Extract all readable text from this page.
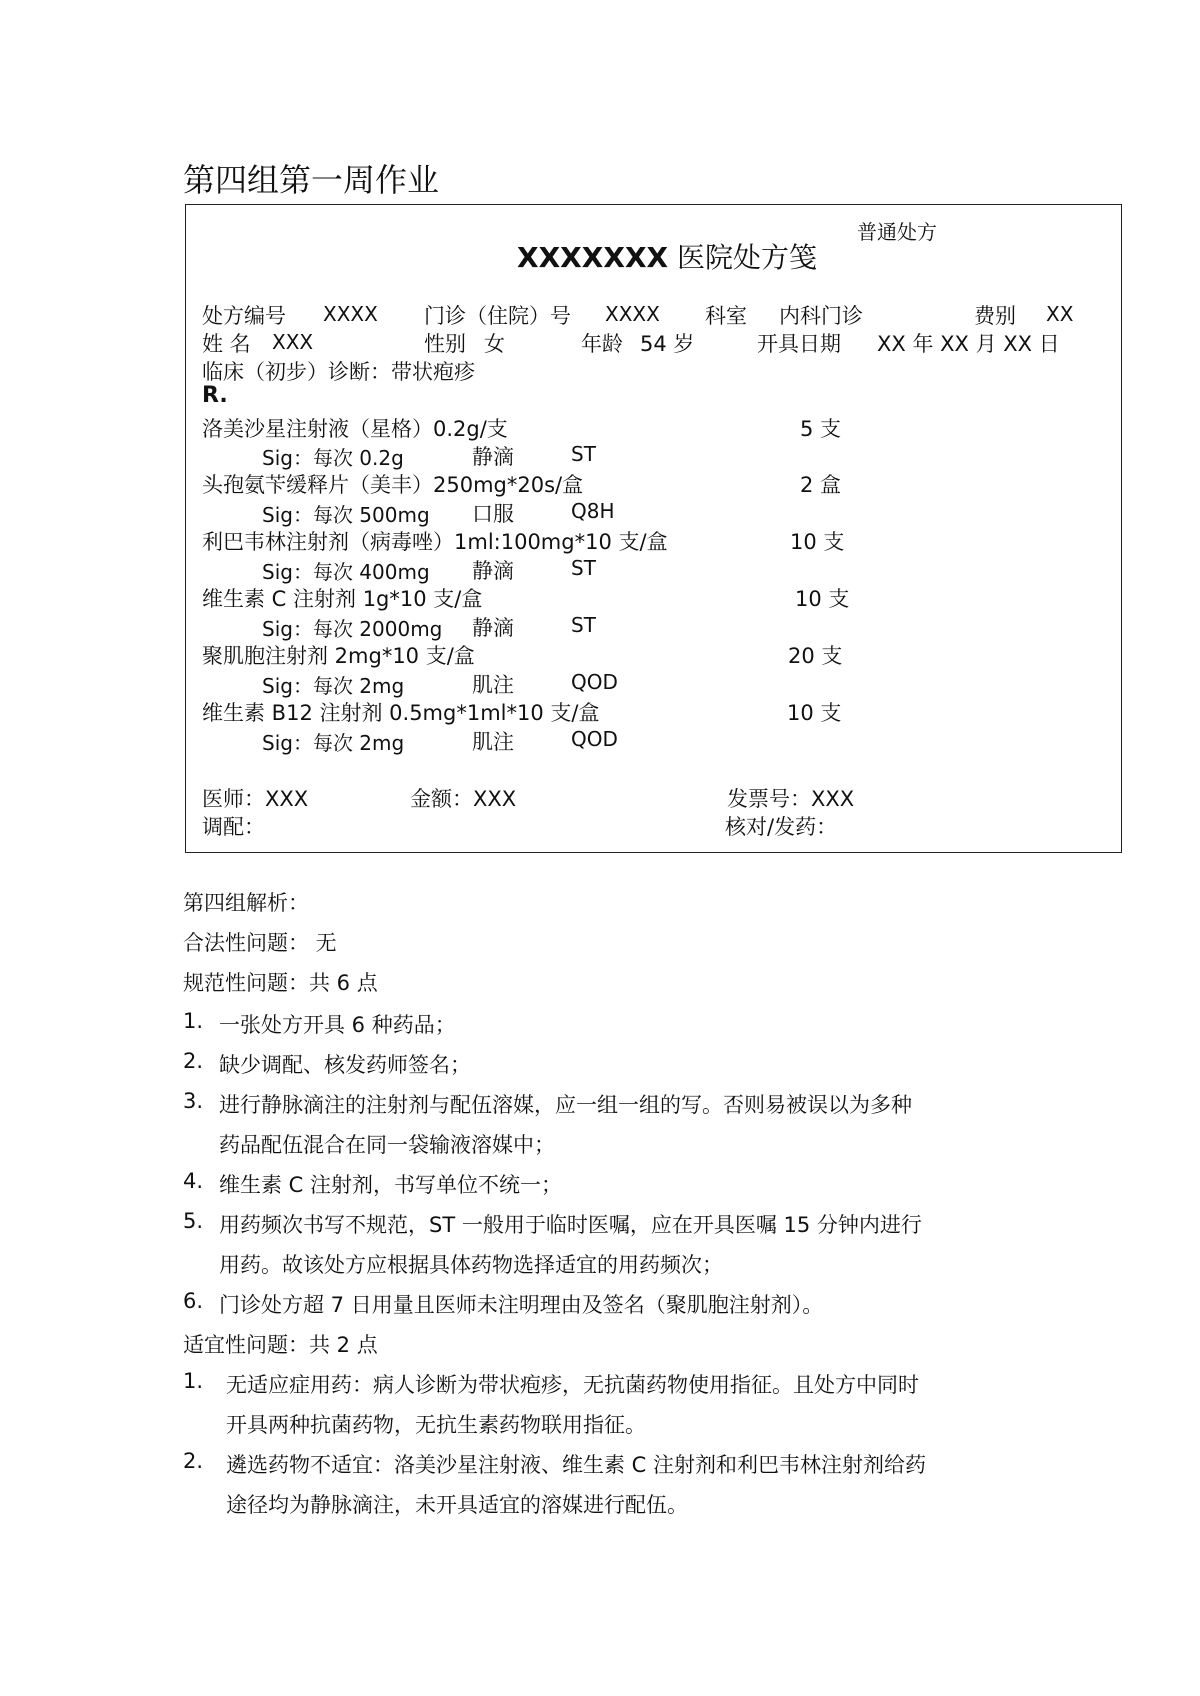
第四组第一周作业
普通处方
XXXXXXX 医院处方笺
处方编号 XXXX 门诊（住院）号 XXXX 科室 内科门诊	费别 XX
姓 名 XXX	性别 女	年龄 54 岁	开具日期 XX 年 XX 月 XX 日
临床（初步）诊断：带状疱疹
R.
洛美沙星注射液（星格）0.2g/支	5 支
Sig：每次 0.2g	静滴	ST
头孢氨苄缓释片（美丰）250mg*20s/盒	2 盒
Sig：每次 500mg 口服	Q8H
利巴韦林注射剂（病毒唑）1ml:100mg*10 支/盒	10 支
Sig：每次 400mg 静滴	ST
维生素 C 注射剂 1g*10 支/盒	10 支
Sig：每次 2000mg 静滴	ST
聚肌胞注射剂 2mg*10 支/盒	20 支
Sig：每次 2mg	肌注	QOD
维生素 B12 注射剂 0.5mg*1ml*10 支/盒	10 支
Sig：每次 2mg	肌注	QOD
医师：XXX	金额：XXX	发票号：XXX
调配：	核对/发药：
第四组解析：
合法性问题： 无
规范性问题：共 6 点
1. 一张处方开具 6 种药品；
2. 缺少调配、核发药师签名；
3. 进行静脉滴注的注射剂与配伍溶媒，应一组一组的写。否则易被误以为多种
药品配伍混合在同一袋输液溶媒中；
4. 维生素 C 注射剂，书写单位不统一；
5. 用药频次书写不规范，ST 一般用于临时医嘱，应在开具医嘱 15 分钟内进行
用药。故该处方应根据具体药物选择适宜的用药频次；
6. 门诊处方超 7 日用量且医师未注明理由及签名（聚肌胞注射剂）。
适宜性问题：共 2 点
1. 无适应症用药：病人诊断为带状疱疹，无抗菌药物使用指征。且处方中同时
开具两种抗菌药物，无抗生素药物联用指征。
2. 遴选药物不适宜：洛美沙星注射液、维生素 C 注射剂和利巴韦林注射剂给药
途径均为静脉滴注，未开具适宜的溶媒进行配伍。
